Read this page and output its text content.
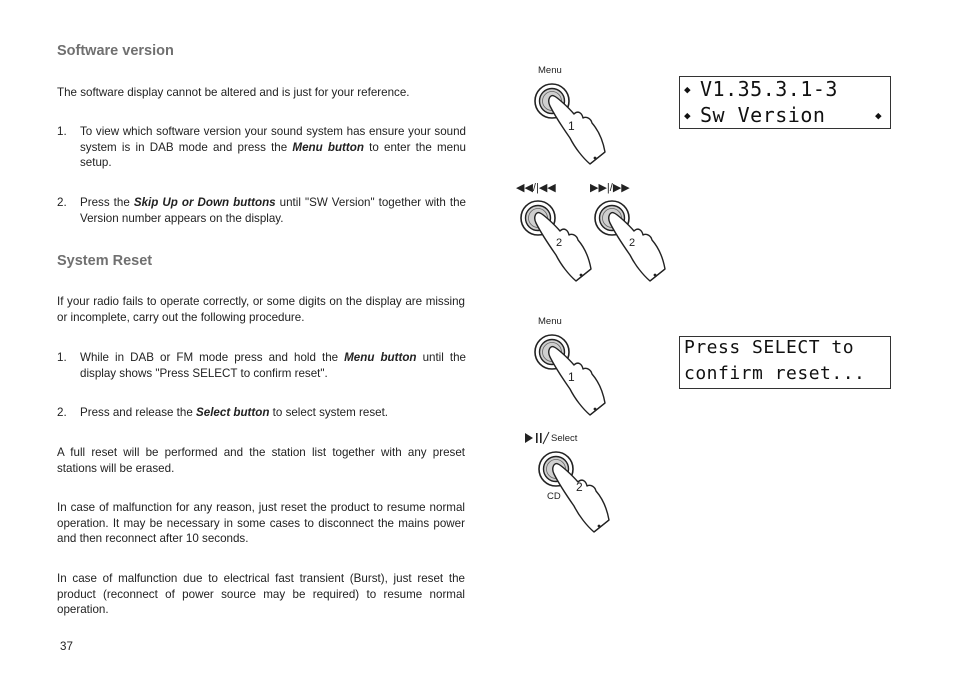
Software version
The software display cannot be altered and is just for your reference.
1. To view which software version your sound system has ensure your sound system is in DAB mode and press the Menu button to enter the menu setup.
2. Press the Skip Up or Down buttons until "SW Version" together with the Version number appears on the display.
System Reset
If your radio fails to operate correctly, or some digits on the display are missing or incomplete, carry out the following procedure.
1. While in DAB or FM mode press and hold the Menu button until the display shows "Press SELECT to confirm reset".
2. Press and release the Select button to select system reset.
A full reset will be performed and the station list together with any preset stations will be erased.
In case of malfunction for any reason, just reset the product to resume normal operation. It may be necessary in some cases to disconnect the mains power and then reconnect after 10 seconds.
In case of malfunction due to electrical fast transient (Burst), just reset the product (reconnect of power source may be required) to resume normal operation.
37
Menu
1
◀◀/|◀◀
2
▶▶|/▶▶
2
Menu
1
Select
2
CD
◆ V1.35.3.1-3
◆ Sw Version	◆
Press SELECT to
confirm reset...
